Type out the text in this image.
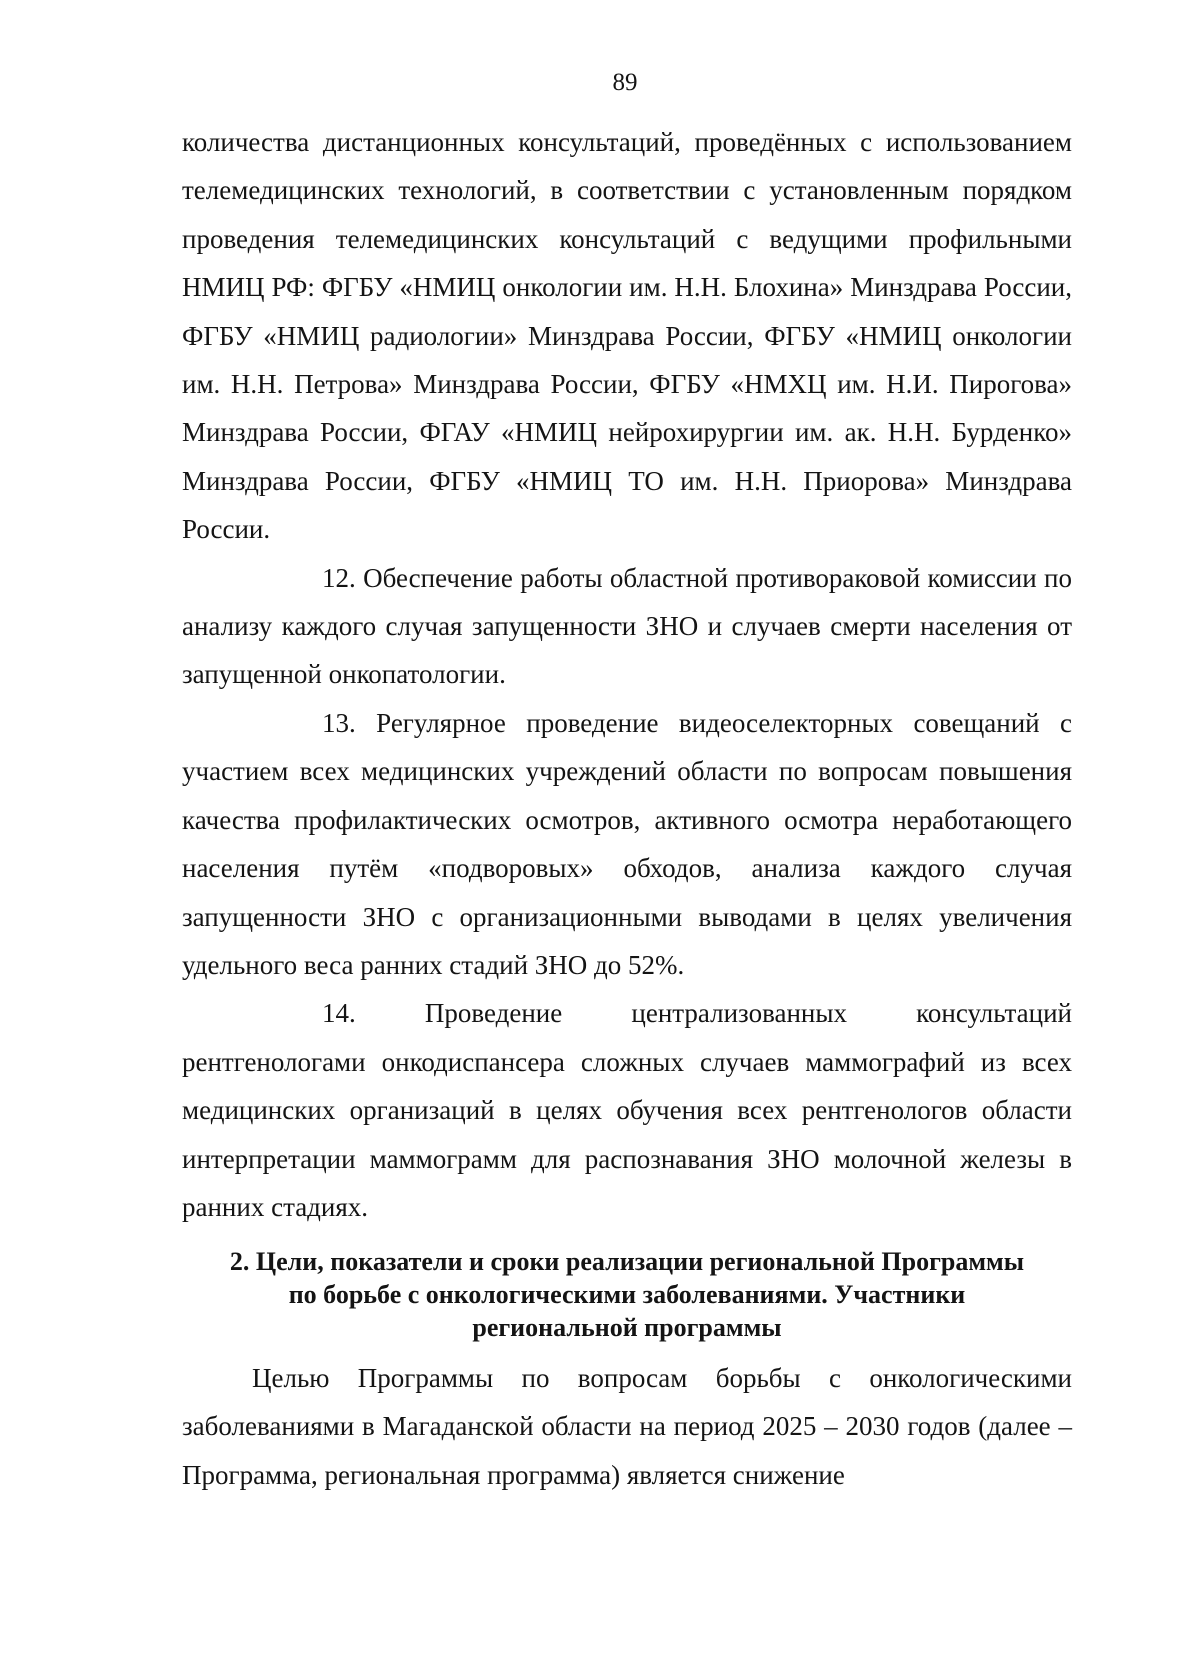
89

количества дистанционных консультаций, проведённых с использованием телемедицинских технологий, в соответствии с установленным порядком проведения телемедицинских консультаций с ведущими профильными НМИЦ РФ: ФГБУ «НМИЦ онкологии им. Н.Н. Блохина» Минздрава России, ФГБУ «НМИЦ радиологии» Минздрава России, ФГБУ «НМИЦ онкологии им. Н.Н. Петрова» Минздрава России, ФГБУ «НМХЦ им. Н.И. Пирогова» Минздрава России, ФГАУ «НМИЦ нейрохирургии им. ак. Н.Н. Бурденко» Минздрава России, ФГБУ «НМИЦ ТО им. Н.Н. Приорова» Минздрава России.

12. Обеспечение работы областной противораковой комиссии по анализу каждого случая запущенности ЗНО и случаев смерти населения от запущенной онкопатологии.

13. Регулярное проведение видеоселекторных совещаний с участием всех медицинских учреждений области по вопросам повышения качества профилактических осмотров, активного осмотра неработающего населения путём «подворовых» обходов, анализа каждого случая запущенности ЗНО с организационными выводами в целях увеличения удельного веса ранних стадий ЗНО до 52%.

14.	Проведение централизованных консультаций рентгенологами онкодиспансера сложных случаев маммографий из всех медицинских организаций в целях обучения всех рентгенологов области интерпретации маммограмм для распознавания ЗНО молочной железы в ранних стадиях.

2. Цели, показатели и сроки реализации региональной Программы
по борьбе с онкологическими заболеваниями. Участники
региональной программы

Целью Программы по вопросам борьбы с онкологическими заболеваниями в Магаданской области на период 2025 – 2030 годов (далее – Программа, региональная программа) является снижение
